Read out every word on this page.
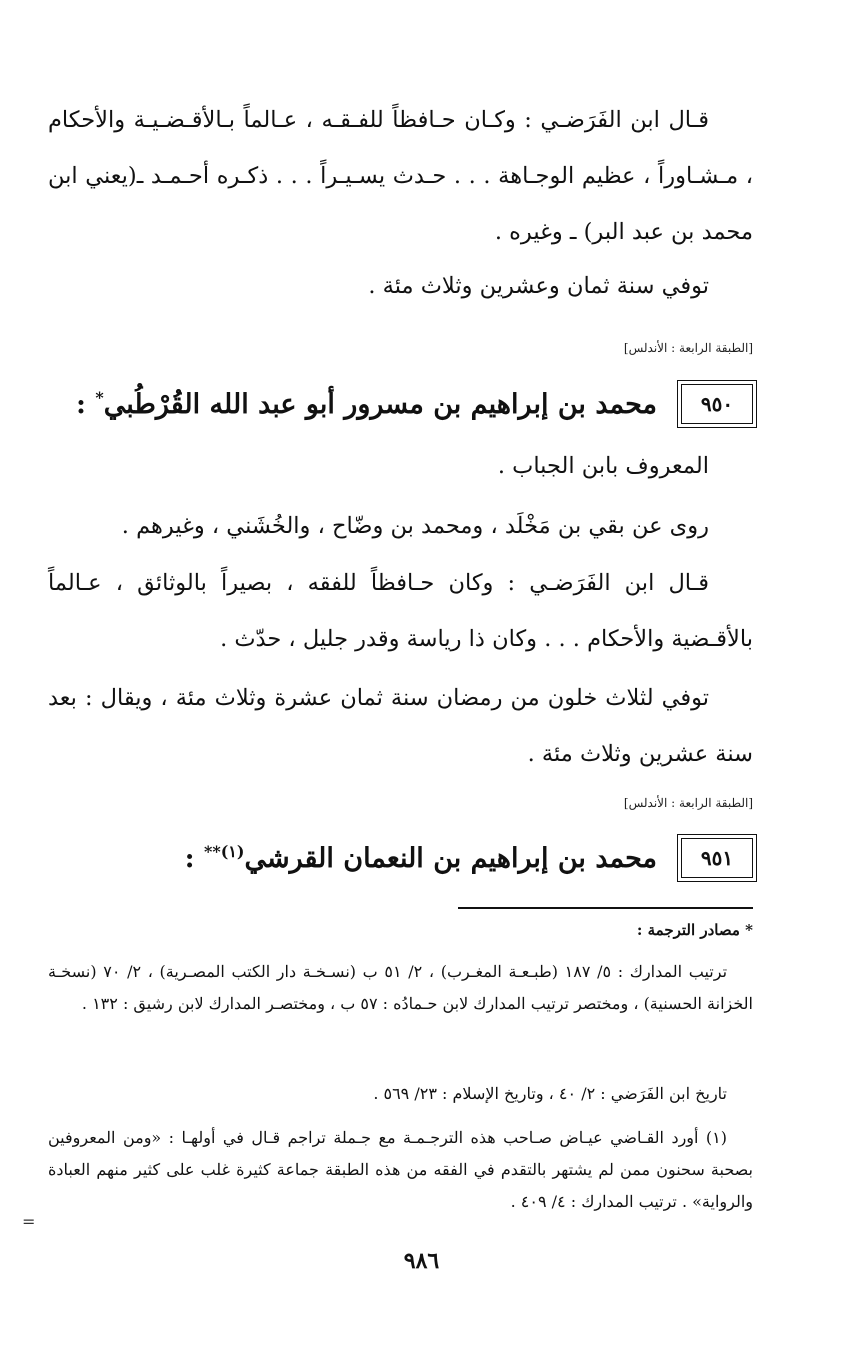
قـال ابن الفَرَضـي : وكـان حـافظاً للفـقـه ، عـالماً بـالأقـضـيـة والأحكام ، مـشـاوراً ، عظيم الوجـاهة . . . حـدث يسـيـراً . . . ذكـره أحـمـد ـ(يعني ابن محمد بن عبد البر) ـ وغيره .

توفي سنة ثمان وعشرين وثلاث مئة .

[الطبقة الرابعة : الأندلس]
٩٥٠
محمد بن إبراهيم بن مسرور أبو عبد الله القُرْطُبي* :

المعروف بابن الجباب .

روى عن بقي بن مَخْلَد ، ومحمد بن وضّاح ، والخُشَني ، وغيرهم .

قـال ابن الفَرَضـي : وكان حـافظاً للفقه ، بصيراً بالوثائق ، عـالماً بالأقـضية والأحكام . . . وكان ذا رياسة وقدر جليل ، حدّث .

توفي لثلاث خلون من رمضان سنة ثمان عشرة وثلاث مئة ، ويقال : بعد سنة عشرين وثلاث مئة .

[الطبقة الرابعة : الأندلس]
٩٥١
محمد بن إبراهيم بن النعمان القرشي$^{(١)**}$ :
* مصادر الترجمة :

ترتيب المدارك : ٥/ ١٨٧ (طبـعـة المغـرب) ، ٢/ ٥١ ب (نسـخـة دار الكتب المصـرية) ، ٢/ ٧٠ (نسخـة الخزانة الحسنية) ، ومختصر ترتيب المدارك لابن حـمادُه : ٥٧ ب ، ومختصـر المدارك لابن رشيق : ١٣٢ .

تاريخ ابن الفَرَضي : ٢/ ٤٠ ، وتاريخ الإسلام : ٢٣/ ٥٦٩ .

(١) أورد القـاضي عيـاض صـاحب هذه الترجـمـة مع جـملة تراجم قـال في أولهـا : «ومن المعروفين بصحبة سحنون ممن لم يشتهر بالتقدم في الفقه من هذه الطبقة جماعة كثيرة غلب على كثير منهم العبادة والرواية» . ترتيب المدارك : ٤/ ٤٠٩ .

=
٩٨٦
